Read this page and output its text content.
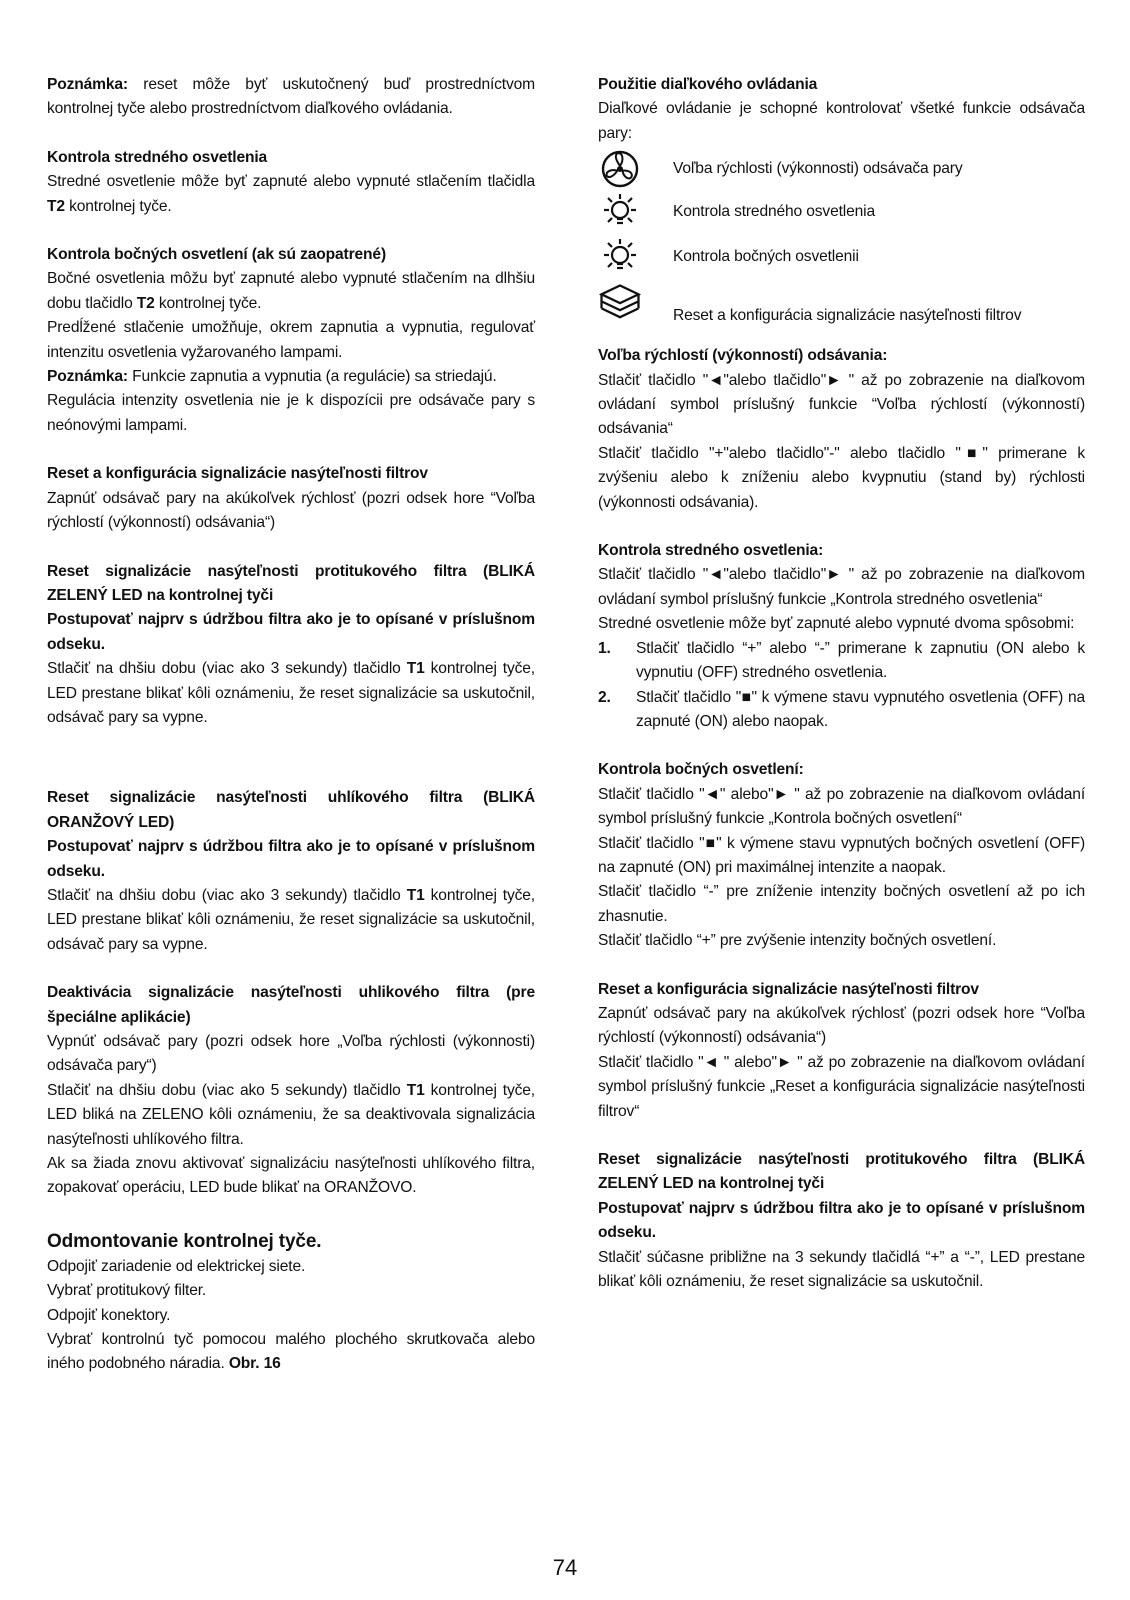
Poznámka: reset môže byť uskutočnený buď prostredníctvom kontrolnej tyče alebo prostredníctvom diaľkového ovládania.

Kontrola stredného osvetlenia

Stredné osvetlenie môže byť zapnuté alebo vypnuté stlačením tlačidla T2 kontrolnej tyče.

Kontrola bočných osvetlení (ak sú zaopatrené)

Bočné osvetlenia môžu byť zapnuté alebo vypnuté stlačením na dlhšiu dobu tlačidlo T2 kontrolnej tyče.

Predĺžené stlačenie umožňuje, okrem zapnutia a vypnutia, regulovať intenzitu osvetlenia vyžarovaného lampami.

Poznámka: Funkcie zapnutia a vypnutia (a regulácie) sa striedajú.

Regulácia intenzity osvetlenia nie je k dispozícii pre odsávače pary s neónovými lampami.

Reset a konfigurácia signalizácie nasýteľnosti filtrov

Zapnúť odsávač pary na akúkoľvek rýchlosť (pozri odsek hore “Voľba rýchlostí (výkonností) odsávania“)

Reset signalizácie nasýteľnosti protitukového filtra (BLIKÁ ZELENÝ LED na kontrolnej tyči

Postupovať najprv s údržbou filtra ako je to opísané v príslušnom odseku.

Stlačiť na dhšiu dobu (viac ako 3 sekundy) tlačidlo T1 kontrolnej tyče, LED prestane blikať kôli oznámeniu, že reset signalizácie sa uskutočnil, odsávač pary sa vypne.

Reset signalizácie nasýteľnosti uhlíkového filtra (BLIKÁ ORANŽOVÝ LED)

Postupovať najprv s údržbou filtra ako je to opísané v príslušnom odseku.

Stlačiť na dhšiu dobu (viac ako 3 sekundy) tlačidlo T1 kontrolnej tyče, LED prestane blikať kôli oznámeniu, že reset signalizácie sa uskutočnil, odsávač pary sa vypne.

Deaktivácia signalizácie nasýteľnosti uhlikového filtra (pre špeciálne aplikácie)

Vypnúť odsávač pary (pozri odsek hore „Voľba rýchlosti (výkonnosti) odsávača pary“)

Stlačiť na dhšiu dobu (viac ako 5 sekundy) tlačidlo T1 kontrolnej tyče, LED bliká na ZELENO kôli oznámeniu, že sa deaktivovala signalizácia nasýteľnosti uhlíkového filtra.

Ak sa žiada znovu aktivovať signalizáciu nasýteľnosti uhlíkového filtra, zopakovať operáciu, LED bude blikať na ORANŽOVO.

Odmontovanie kontrolnej tyče.

Odpojiť zariadenie od elektrickej siete.

Vybrať protitukový filter.

Odpojiť konektory.

Vybrať kontrolnú tyč pomocou malého plochého skrutkovača alebo iného podobného náradia. Obr. 16

Použitie diaľkového ovládania

Diaľkové ovládanie je schopné kontrolovať všetké funkcie odsávača pary:

Voľba rýchlosti (výkonnosti) odsávača pary
Kontrola stredného osvetlenia
Kontrola bočných osvetlenii
Reset a konfigurácia signalizácie nasýteľnosti filtrov

Voľba rýchlostí (výkonností) odsávania:

Stlačiť tlačidlo "◄"alebo tlačidlo"► " až po zobrazenie na diaľkovom ovládaní symbol príslušný funkcie “Voľba rýchlostí (výkonností) odsávania“

Stlačiť tlačidlo "+"alebo tlačidlo"-" alebo tlačidlo "■" primerane k zvýšeniu alebo k zníženiu alebo kvypnutiu (stand by) rýchlosti (výkonnosti odsávania).

Kontrola stredného osvetlenia:

Stlačiť tlačidlo "◄"alebo tlačidlo"► " až po zobrazenie na diaľkovom ovládaní symbol príslušný funkcie „Kontrola stredného osvetlenia“

Stredné osvetlenie môže byť zapnuté alebo vypnuté dvoma spôsobmi:

1.	Stlačiť tlačidlo “+” alebo “-” primerane k zapnutiu (ON alebo k vypnutiu (OFF) stredného osvetlenia.
2.	Stlačiť tlačidlo "■" k výmene stavu vypnutého osvetlenia (OFF) na zapnuté (ON) alebo naopak.

Kontrola bočných osvetlení:

Stlačiť tlačidlo "◄" alebo"► " až po zobrazenie na diaľkovom ovládaní symbol príslušný funkcie „Kontrola bočných osvetlení“

Stlačiť tlačidlo "■" k výmene stavu vypnutých bočných osvetlení (OFF) na zapnuté (ON) pri maximálnej intenzite a naopak.

Stlačiť tlačidlo “-” pre zníženie intenzity bočných osvetlení až po ich zhasnutie.

Stlačiť tlačidlo “+” pre zvýšenie intenzity bočných osvetlení.

Reset a konfigurácia signalizácie nasýteľnosti filtrov

Zapnúť odsávač pary na akúkoľvek rýchlosť (pozri odsek hore “Voľba rýchlostí (výkonností) odsávania“)

Stlačiť tlačidlo "◄ " alebo"► " až po zobrazenie na diaľkovom ovládaní symbol príslušný funkcie „Reset a konfigurácia signalizácie nasýteľnosti filtrov“

Reset signalizácie nasýteľnosti protitukového filtra (BLIKÁ ZELENÝ LED na kontrolnej tyči

Postupovať najprv s údržbou filtra ako je to opísané v príslušnom odseku.

Stlačiť súčasne približne na 3 sekundy tlačidlá “+” a “-”, LED prestane blikať kôli oznámeniu, že reset signalizácie sa uskutočnil.

74
